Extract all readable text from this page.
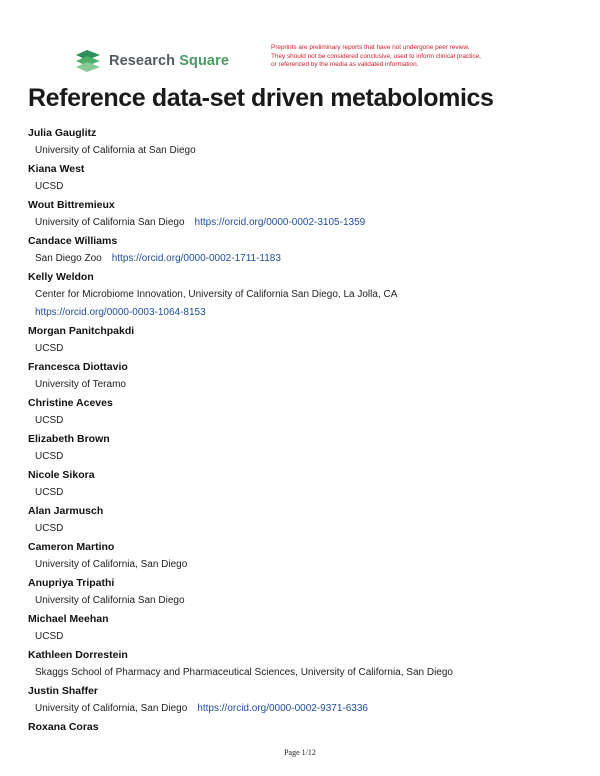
Research Square
Preprints are preliminary reports that have not undergone peer review.
They should not be considered conclusive, used to inform clinical practice,
or referenced by the media as validated information.
Reference data-set driven metabolomics
Julia Gauglitz
University of California at San Diego
Kiana West
UCSD
Wout Bittremieux
University of California San Diego https://orcid.org/0000-0002-3105-1359
Candace Williams
San Diego Zoo https://orcid.org/0000-0002-1711-1183
Kelly Weldon
Center for Microbiome Innovation, University of California San Diego, La Jolla, CA
https://orcid.org/0000-0003-1064-8153
Morgan Panitchpakdi
UCSD
Francesca Diottavio
University of Teramo
Christine Aceves
UCSD
Elizabeth Brown
UCSD
Nicole Sikora
UCSD
Alan Jarmusch
UCSD
Cameron Martino
University of California, San Diego
Anupriya Tripathi
University of California San Diego
Michael Meehan
UCSD
Kathleen Dorrestein
Skaggs School of Pharmacy and Pharmaceutical Sciences, University of California, San Diego
Justin Shaffer
University of California, San Diego https://orcid.org/0000-0002-9371-6336
Roxana Coras
Page 1/12
